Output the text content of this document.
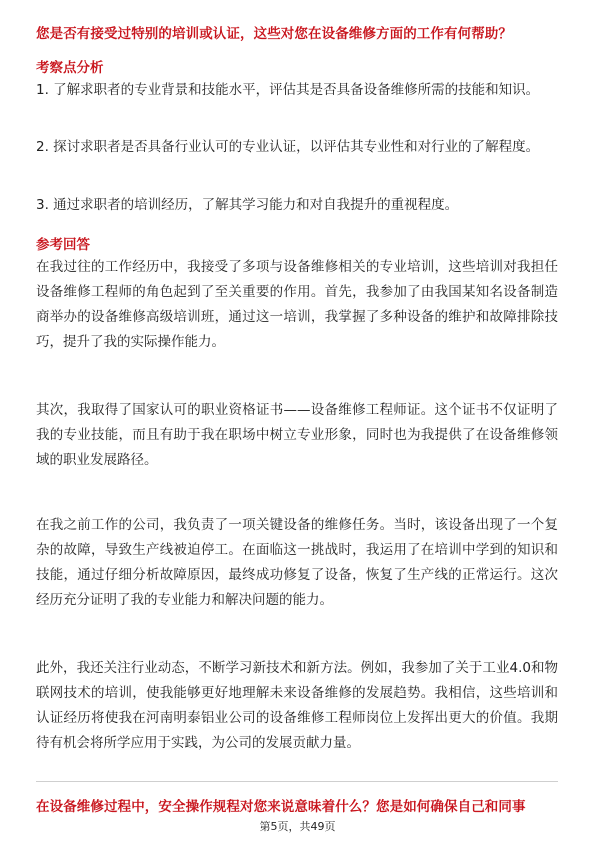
您是否有接受过特别的培训或认证，这些对您在设备维修方面的工作有何帮助？
考察点分析

1. 了解求职者的专业背景和技能水平，评估其是否具备设备维修所需的技能和知识。

2. 探讨求职者是否具备行业认可的专业认证，以评估其专业性和对行业的了解程度。

3. 通过求职者的培训经历，了解其学习能力和对自我提升的重视程度。

参考回答

在我过往的工作经历中，我接受了多项与设备维修相关的专业培训，这些培训对我担任设备维修工程师的角色起到了至关重要的作用。首先，我参加了由我国某知名设备制造商举办的设备维修高级培训班，通过这一培训，我掌握了多种设备的维护和故障排除技巧，提升了我的实际操作能力。

其次，我取得了国家认可的职业资格证书——设备维修工程师证。这个证书不仅证明了我的专业技能，而且有助于我在职场中树立专业形象，同时也为我提供了在设备维修领域的职业发展路径。

在我之前工作的公司，我负责了一项关键设备的维修任务。当时，该设备出现了一个复杂的故障，导致生产线被迫停工。在面临这一挑战时，我运用了在培训中学到的知识和技能，通过仔细分析故障原因，最终成功修复了设备，恢复了生产线的正常运行。这次经历充分证明了我的专业能力和解决问题的能力。

此外，我还关注行业动态，不断学习新技术和新方法。例如，我参加了关于工业4.0和物联网技术的培训，使我能够更好地理解未来设备维修的发展趋势。我相信，这些培训和认证经历将使我在河南明泰铝业公司的设备维修工程师岗位上发挥出更大的价值。我期待有机会将所学应用于实践，为公司的发展贡献力量。

在设备维修过程中，安全操作规程对您来说意味着什么？您是如何确保自己和同事
第5页，共49页
